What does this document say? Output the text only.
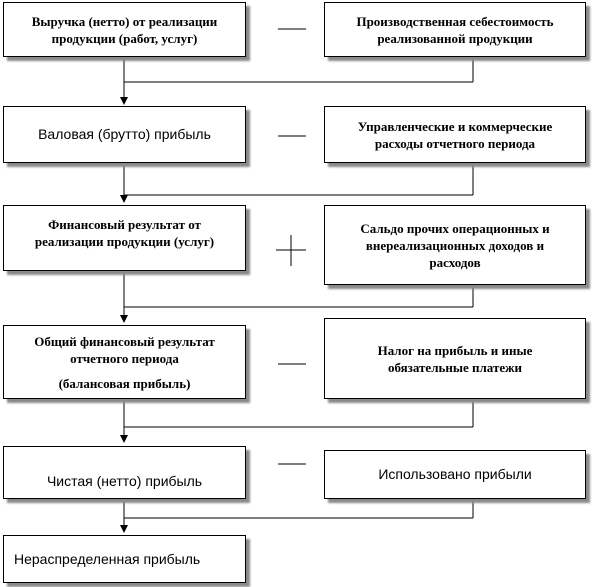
Выручка (нетто) от реализации
продукции (работ, услуг)
Производственная себестоимость
реализованной продукции
Валовая (брутто) прибыль	Управленческие и коммерческие
расходы отчетного периода
Финансовый результат от
реализации продукции (услуг)
Сальдо прочих операционных и
внереализационных доходов и
расходов
Общий финансовый результат
отчетного периода
(балансовая прибыль)
Налог на прибыль и иные
обязательные платежи
Чистая (нетто) прибыль	Использовано прибыли
Нераспределенная прибыль
